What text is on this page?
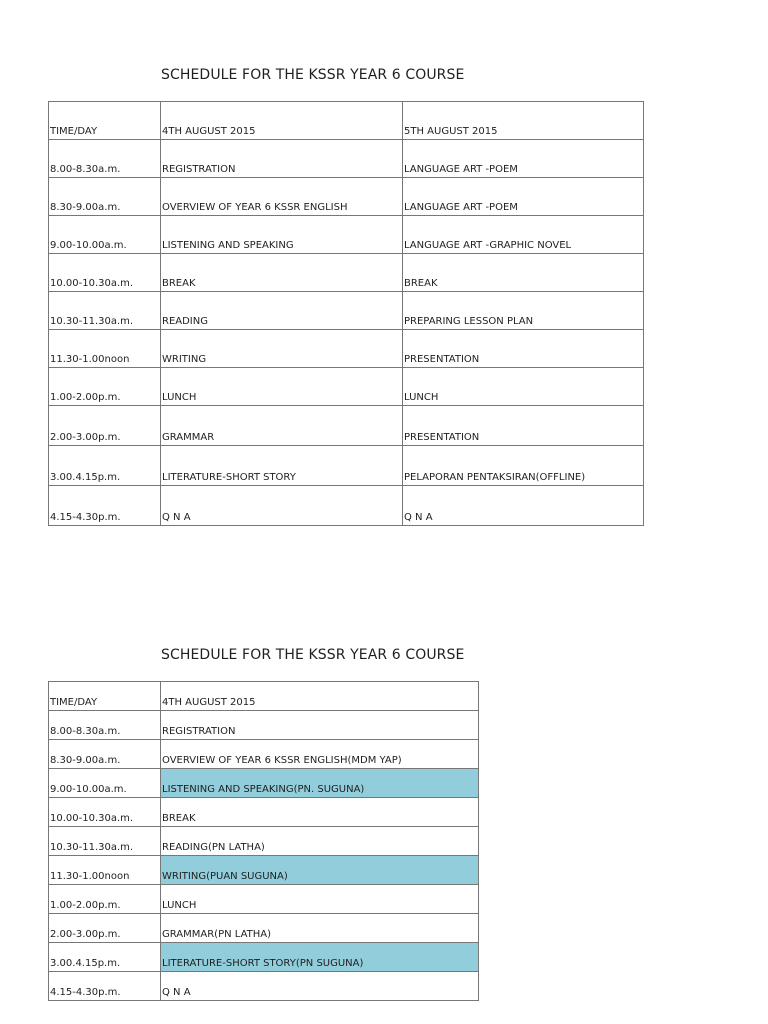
SCHEDULE FOR THE KSSR YEAR 6 COURSE
TIME/DAY	4TH AUGUST 2015	5TH AUGUST 2015
8.00-8.30a.m.	REGISTRATION	LANGUAGE ART -POEM
8.30-9.00a.m.	OVERVIEW OF YEAR 6 KSSR ENGLISH	LANGUAGE ART -POEM
9.00-10.00a.m.	LISTENING AND SPEAKING	LANGUAGE ART -GRAPHIC NOVEL
10.00-10.30a.m.	BREAK	BREAK
10.30-11.30a.m.	READING	PREPARING LESSON PLAN
11.30-1.00noon	WRITING	PRESENTATION
1.00-2.00p.m.	LUNCH	LUNCH
2.00-3.00p.m.	GRAMMAR	PRESENTATION
3.00.4.15p.m.	LITERATURE-SHORT STORY	PELAPORAN PENTAKSIRAN(OFFLINE)
4.15-4.30p.m.	Q N A	Q N A
SCHEDULE FOR THE KSSR YEAR 6 COURSE
TIME/DAY	4TH AUGUST 2015
8.00-8.30a.m.	REGISTRATION
8.30-9.00a.m.	OVERVIEW OF YEAR 6 KSSR ENGLISH(MDM YAP)
9.00-10.00a.m.	LISTENING AND SPEAKING(PN. SUGUNA)
10.00-10.30a.m.	BREAK
10.30-11.30a.m.	READING(PN LATHA)
11.30-1.00noon	WRITING(PUAN SUGUNA)
1.00-2.00p.m.	LUNCH
2.00-3.00p.m.	GRAMMAR(PN LATHA)
3.00.4.15p.m.	LITERATURE-SHORT STORY(PN SUGUNA)
4.15-4.30p.m.	Q N A
